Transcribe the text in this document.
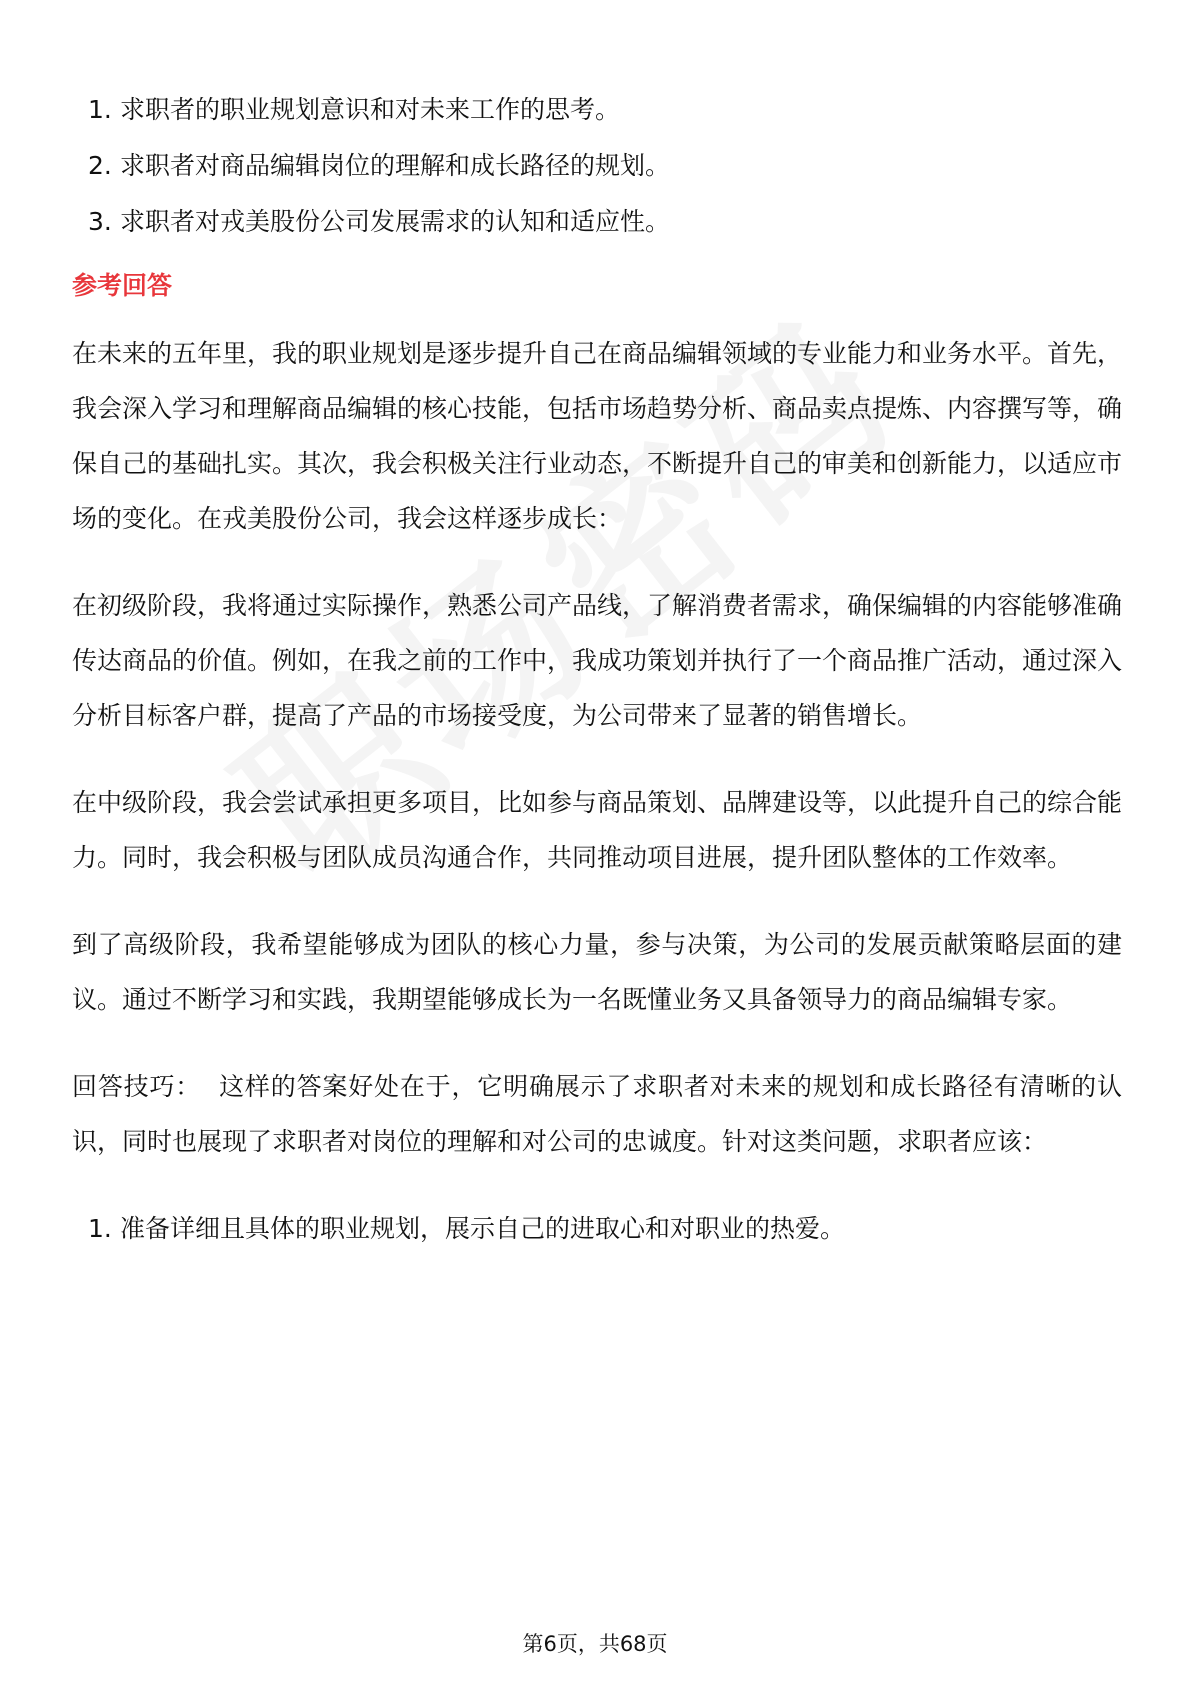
1. 求职者的职业规划意识和对未来工作的思考。
2. 求职者对商品编辑岗位的理解和成长路径的规划。
3. 求职者对戎美股份公司发展需求的认知和适应性。
参考回答

在未来的五年里，我的职业规划是逐步提升自己在商品编辑领域的专业能力和业务水平。首先，我会深入学习和理解商品编辑的核心技能，包括市场趋势分析、商品卖点提炼、内容撰写等，确保自己的基础扎实。其次，我会积极关注行业动态，不断提升自己的审美和创新能力，以适应市场的变化。在戎美股份公司，我会这样逐步成长：

在初级阶段，我将通过实际操作，熟悉公司产品线，了解消费者需求，确保编辑的内容能够准确传达商品的价值。例如，在我之前的工作中，我成功策划并执行了一个商品推广活动，通过深入分析目标客户群，提高了产品的市场接受度，为公司带来了显著的销售增长。

在中级阶段，我会尝试承担更多项目，比如参与商品策划、品牌建设等，以此提升自己的综合能力。同时，我会积极与团队成员沟通合作，共同推动项目进展，提升团队整体的工作效率。

到了高级阶段，我希望能够成为团队的核心力量，参与决策，为公司的发展贡献策略层面的建议。通过不断学习和实践，我期望能够成长为一名既懂业务又具备领导力的商品编辑专家。

回答技巧： 这样的答案好处在于，它明确展示了求职者对未来的规划和成长路径有清晰的认识，同时也展现了求职者对岗位的理解和对公司的忠诚度。针对这类问题，求职者应该：

1. 准备详细且具体的职业规划，展示自己的进取心和对职业的热爱。
第6页，共68页
